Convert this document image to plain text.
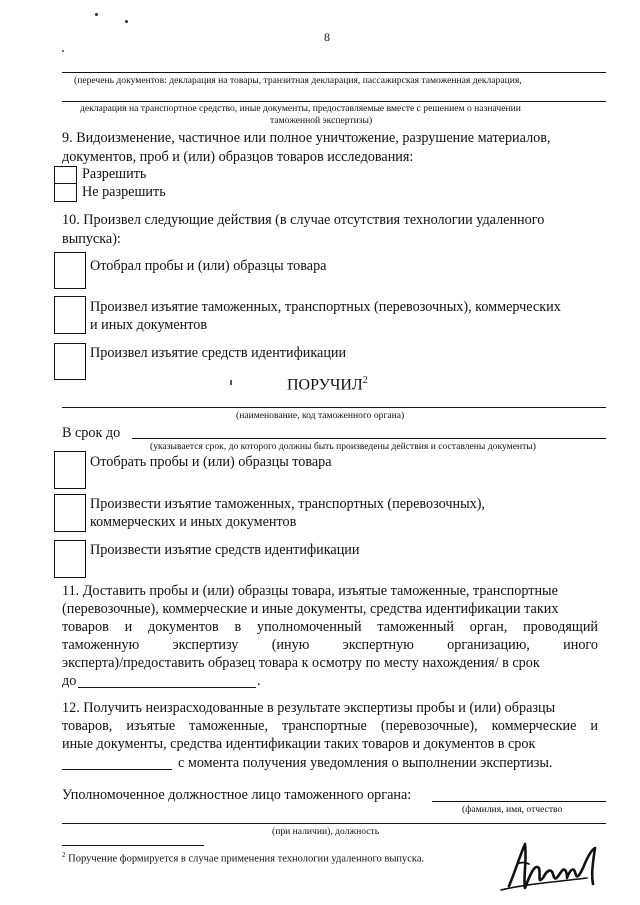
8
(перечень документов: декларация на товары, транзитная декларация, пассажирская таможенная декларация,
декларация на транспортное средство, иные документы, предоставляемые вместе с решением о назначении
таможенной экспертизы)
9. Видоизменение, частичное или полное уничтожение, разрушение материалов,
документов, проб и (или) образцов товаров исследования:
Разрешить
Не разрешить
10. Произвел следующие действия (в случае отсутствия технологии удаленного
выпуска):
Отобрал пробы и (или) образцы товара
Произвел изъятие таможенных, транспортных (перевозочных), коммерческих
и иных документов
Произвел изъятие средств идентификации
ПОРУЧИЛ$^2$
(наименование, код таможенного органа)
В срок до
(указывается срок, до которого должны быть произведены действия и составлены документы)
Отобрать пробы и (или) образцы товара
Произвести изъятие таможенных, транспортных (перевозочных),
коммерческих и иных документов
Произвести изъятие средств идентификации
11. Доставить пробы и (или) образцы товара, изъятые таможенные, транспортные
(перевозочные), коммерческие и иные документы, средства идентификации таких
товаров и документов в уполномоченный таможенный орган, проводящий
таможенную экспертизу (иную экспертную организацию, иного
эксперта)/предоставить образец товара к осмотру по месту нахождения/ в срок
до	.
12. Получить неизрасходованные в результате экспертизы пробы и (или) образцы
товаров, изъятые таможенные, транспортные (перевозочные), коммерческие и
иные документы, средства идентификации таких товаров и документов в срок
с момента получения уведомления о выполнении экспертизы.
Уполномоченное должностное лицо таможенного органа:
(фамилия, имя, отчество
(при наличии), должность
$^2$ Поручение формируется в случае применения технологии удаленного выпуска.
